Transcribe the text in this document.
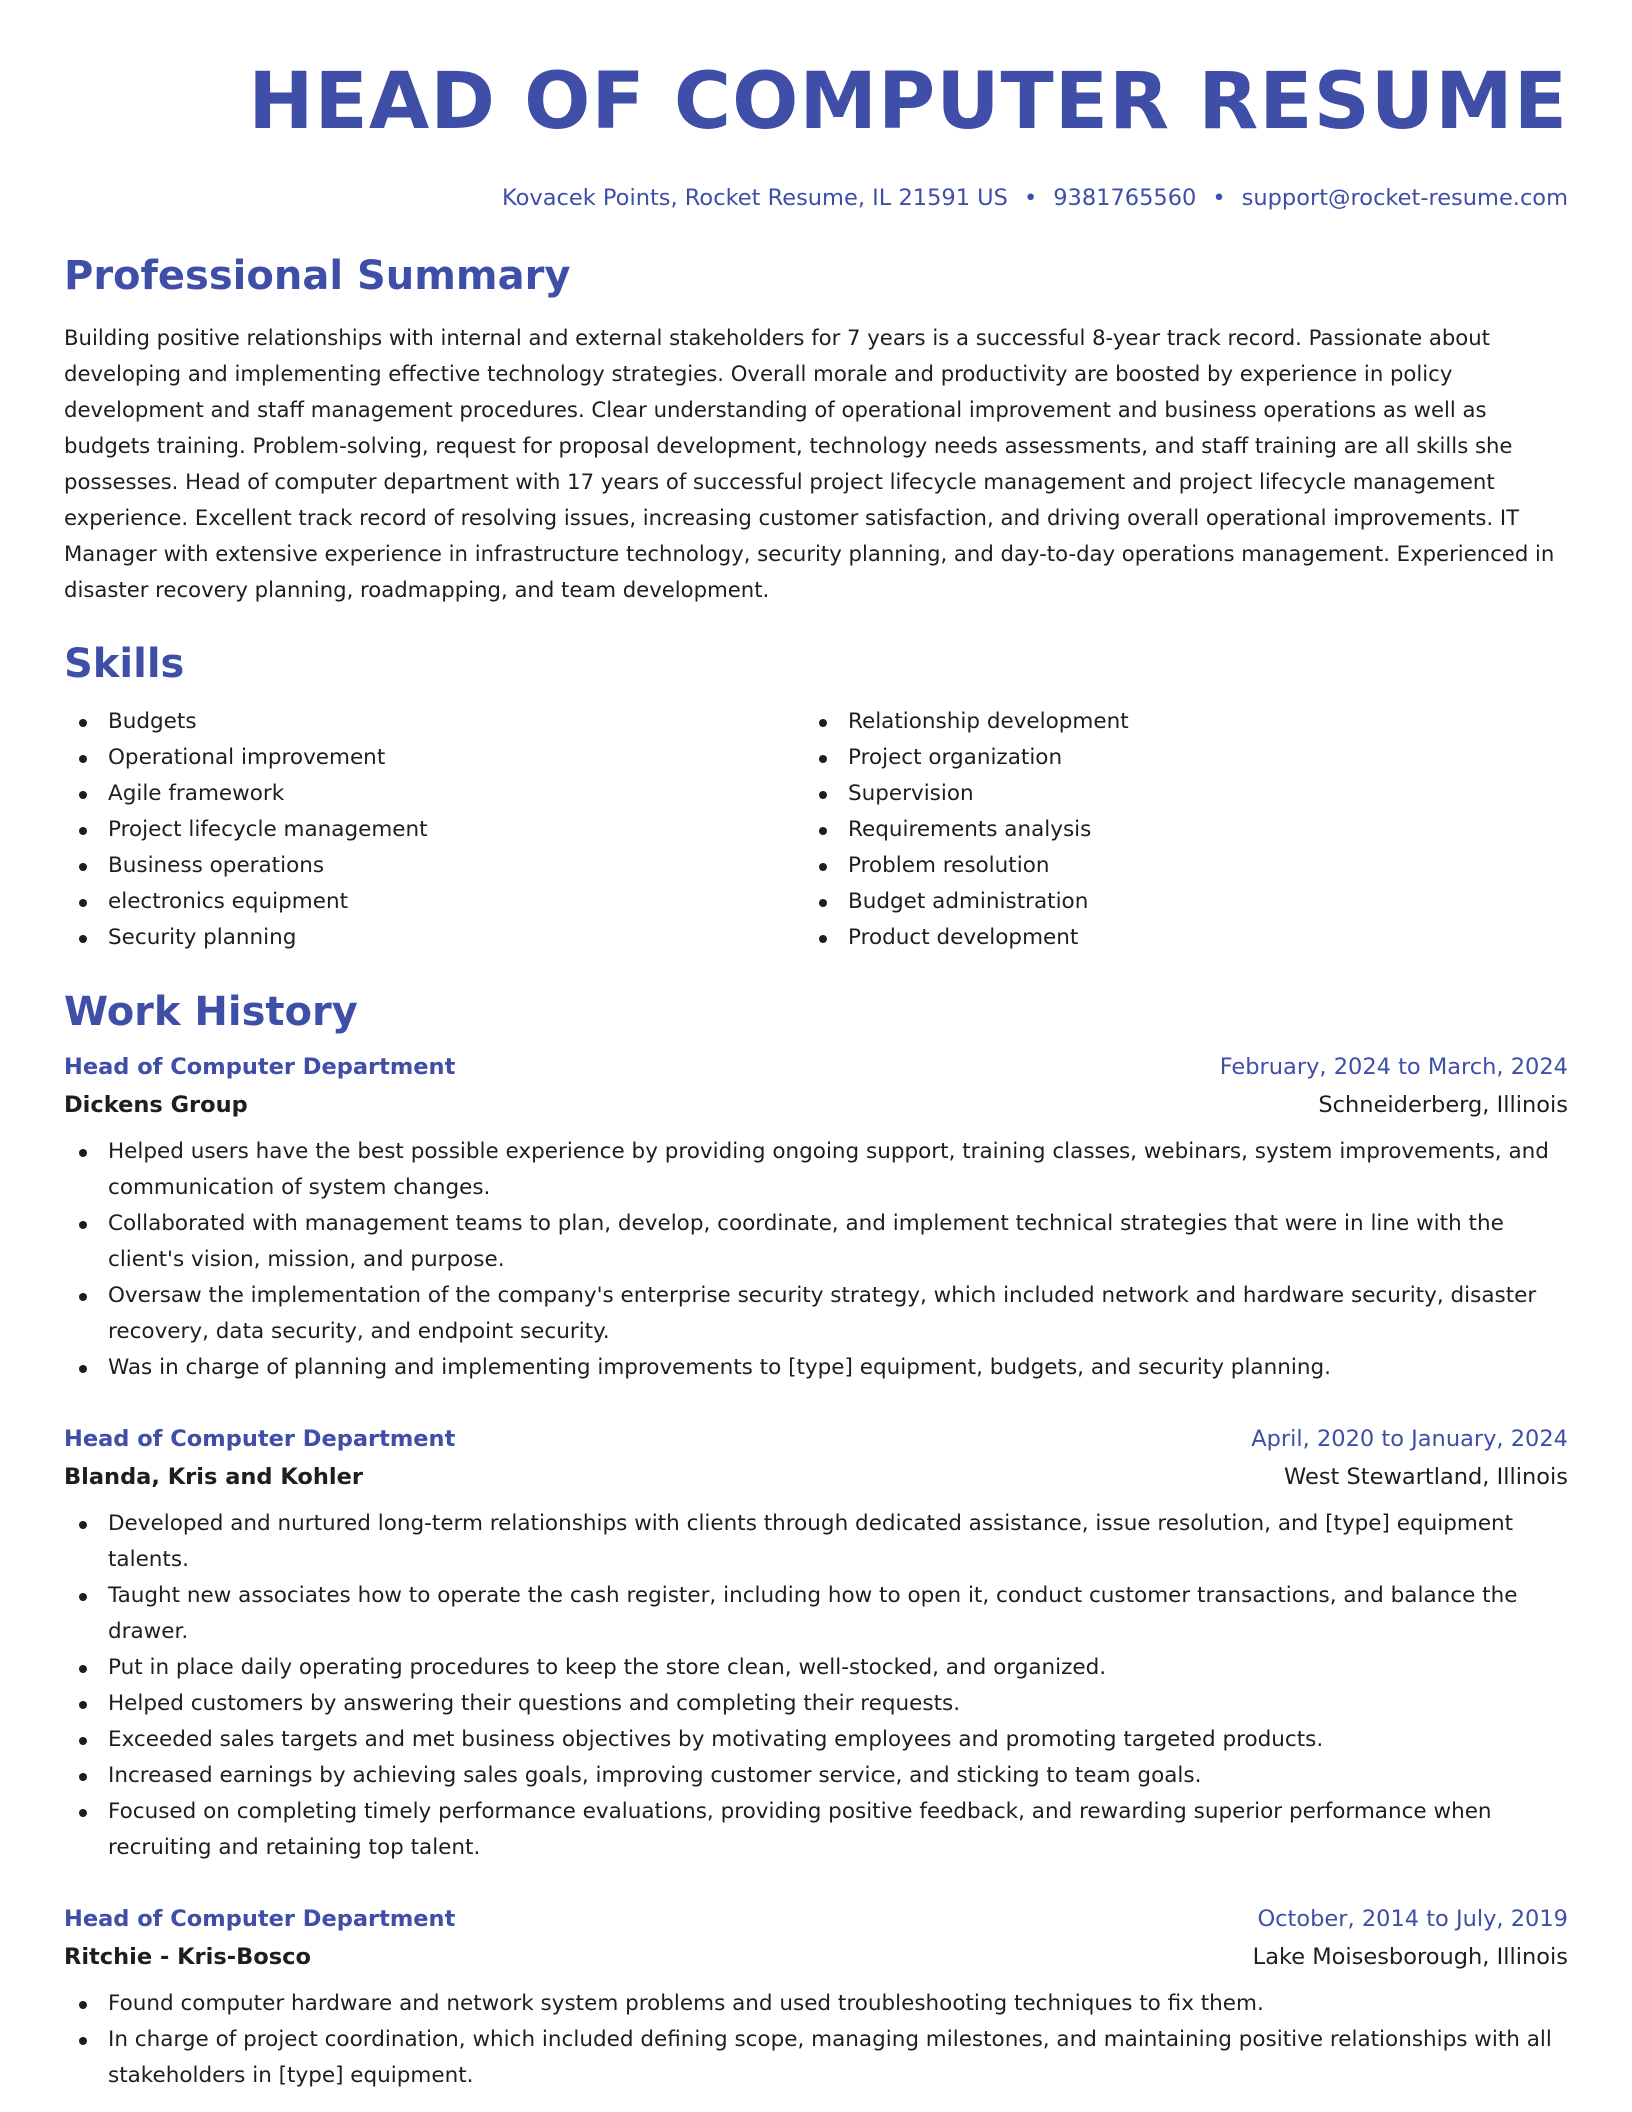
HEAD OF COMPUTER RESUME
Kovacek Points, Rocket Resume, IL 21591 US • 9381765560 • support@rocket-resume.com
Professional Summary

Building positive relationships with internal and external stakeholders for 7 years is a successful 8-year track record. Passionate about developing and implementing effective technology strategies. Overall morale and productivity are boosted by experience in policy development and staff management procedures. Clear understanding of operational improvement and business operations as well as budgets training. Problem-solving, request for proposal development, technology needs assessments, and staff training are all skills she possesses. Head of computer department with 17 years of successful project lifecycle management and project lifecycle management experience. Excellent track record of resolving issues, increasing customer satisfaction, and driving overall operational improvements. IT Manager with extensive experience in infrastructure technology, security planning, and day-to-day operations management. Experienced in disaster recovery planning, roadmapping, and team development.

Skills
Budgets
Operational improvement
Agile framework
Project lifecycle management
Business operations
electronics equipment
Security planning
Relationship development
Project organization
Supervision
Requirements analysis
Problem resolution
Budget administration
Product development
Work History
Head of Computer Department	February, 2024 to March, 2024
Dickens Group	Schneiderberg, Illinois
Helped users have the best possible experience by providing ongoing support, training classes, webinars, system improvements, and communication of system changes.
Collaborated with management teams to plan, develop, coordinate, and implement technical strategies that were in line with the client's vision, mission, and purpose.
Oversaw the implementation of the company's enterprise security strategy, which included network and hardware security, disaster recovery, data security, and endpoint security.
Was in charge of planning and implementing improvements to [type] equipment, budgets, and security planning.
Head of Computer Department	April, 2020 to January, 2024
Blanda, Kris and Kohler	West Stewartland, Illinois
Developed and nurtured long-term relationships with clients through dedicated assistance, issue resolution, and [type] equipment talents.
Taught new associates how to operate the cash register, including how to open it, conduct customer transactions, and balance the drawer.
Put in place daily operating procedures to keep the store clean, well-stocked, and organized.
Helped customers by answering their questions and completing their requests.
Exceeded sales targets and met business objectives by motivating employees and promoting targeted products.
Increased earnings by achieving sales goals, improving customer service, and sticking to team goals.
Focused on completing timely performance evaluations, providing positive feedback, and rewarding superior performance when recruiting and retaining top talent.
Head of Computer Department	October, 2014 to July, 2019
Ritchie - Kris-Bosco	Lake Moisesborough, Illinois
Found computer hardware and network system problems and used troubleshooting techniques to fix them.
In charge of project coordination, which included defining scope, managing milestones, and maintaining positive relationships with all stakeholders in [type] equipment.
